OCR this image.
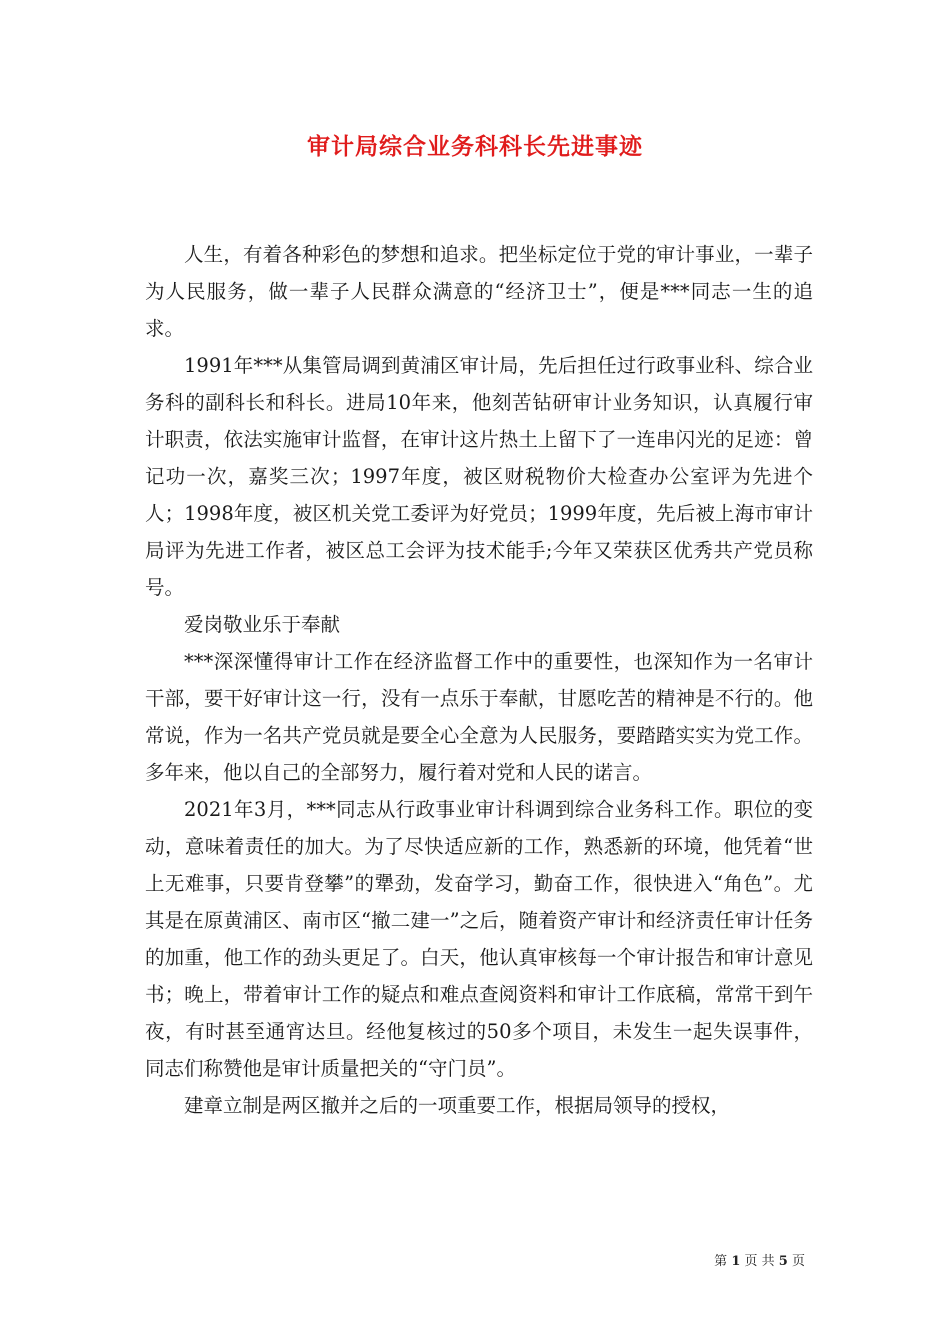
审计局综合业务科科长先进事迹

人生，有着各种彩色的梦想和追求。把坐标定位于党的审计事业，一辈子为人民服务，做一辈子人民群众满意的“经济卫士”，便是***同志一生的追求。

1991年***从集管局调到黄浦区审计局，先后担任过行政事业科、综合业务科的副科长和科长。进局10年来，他刻苦钻研审计业务知识，认真履行审计职责，依法实施审计监督，在审计这片热土上留下了一连串闪光的足迹：曾记功一次，嘉奖三次；1997年度，被区财税物价大检查办公室评为先进个人；1998年度，被区机关党工委评为好党员；1999年度，先后被上海市审计局评为先进工作者，被区总工会评为技术能手;今年又荣获区优秀共产党员称号。

爱岗敬业乐于奉献

***深深懂得审计工作在经济监督工作中的重要性，也深知作为一名审计干部，要干好审计这一行，没有一点乐于奉献，甘愿吃苦的精神是不行的。他常说，作为一名共产党员就是要全心全意为人民服务，要踏踏实实为党工作。多年来，他以自己的全部努力，履行着对党和人民的诺言。

2021年3月，***同志从行政事业审计科调到综合业务科工作。职位的变动，意味着责任的加大。为了尽快适应新的工作，熟悉新的环境，他凭着“世上无难事，只要肯登攀”的犟劲，发奋学习，勤奋工作，很快进入“角色”。尤其是在原黄浦区、南市区“撤二建一”之后，随着资产审计和经济责任审计任务的加重，他工作的劲头更足了。白天，他认真审核每一个审计报告和审计意见书；晚上，带着审计工作的疑点和难点查阅资料和审计工作底稿，常常干到午夜，有时甚至通宵达旦。经他复核过的50多个项目，未发生一起失误事件，同志们称赞他是审计质量把关的“守门员”。

建章立制是两区撤并之后的一项重要工作，根据局领导的授权，

第 1 页 共 5 页
